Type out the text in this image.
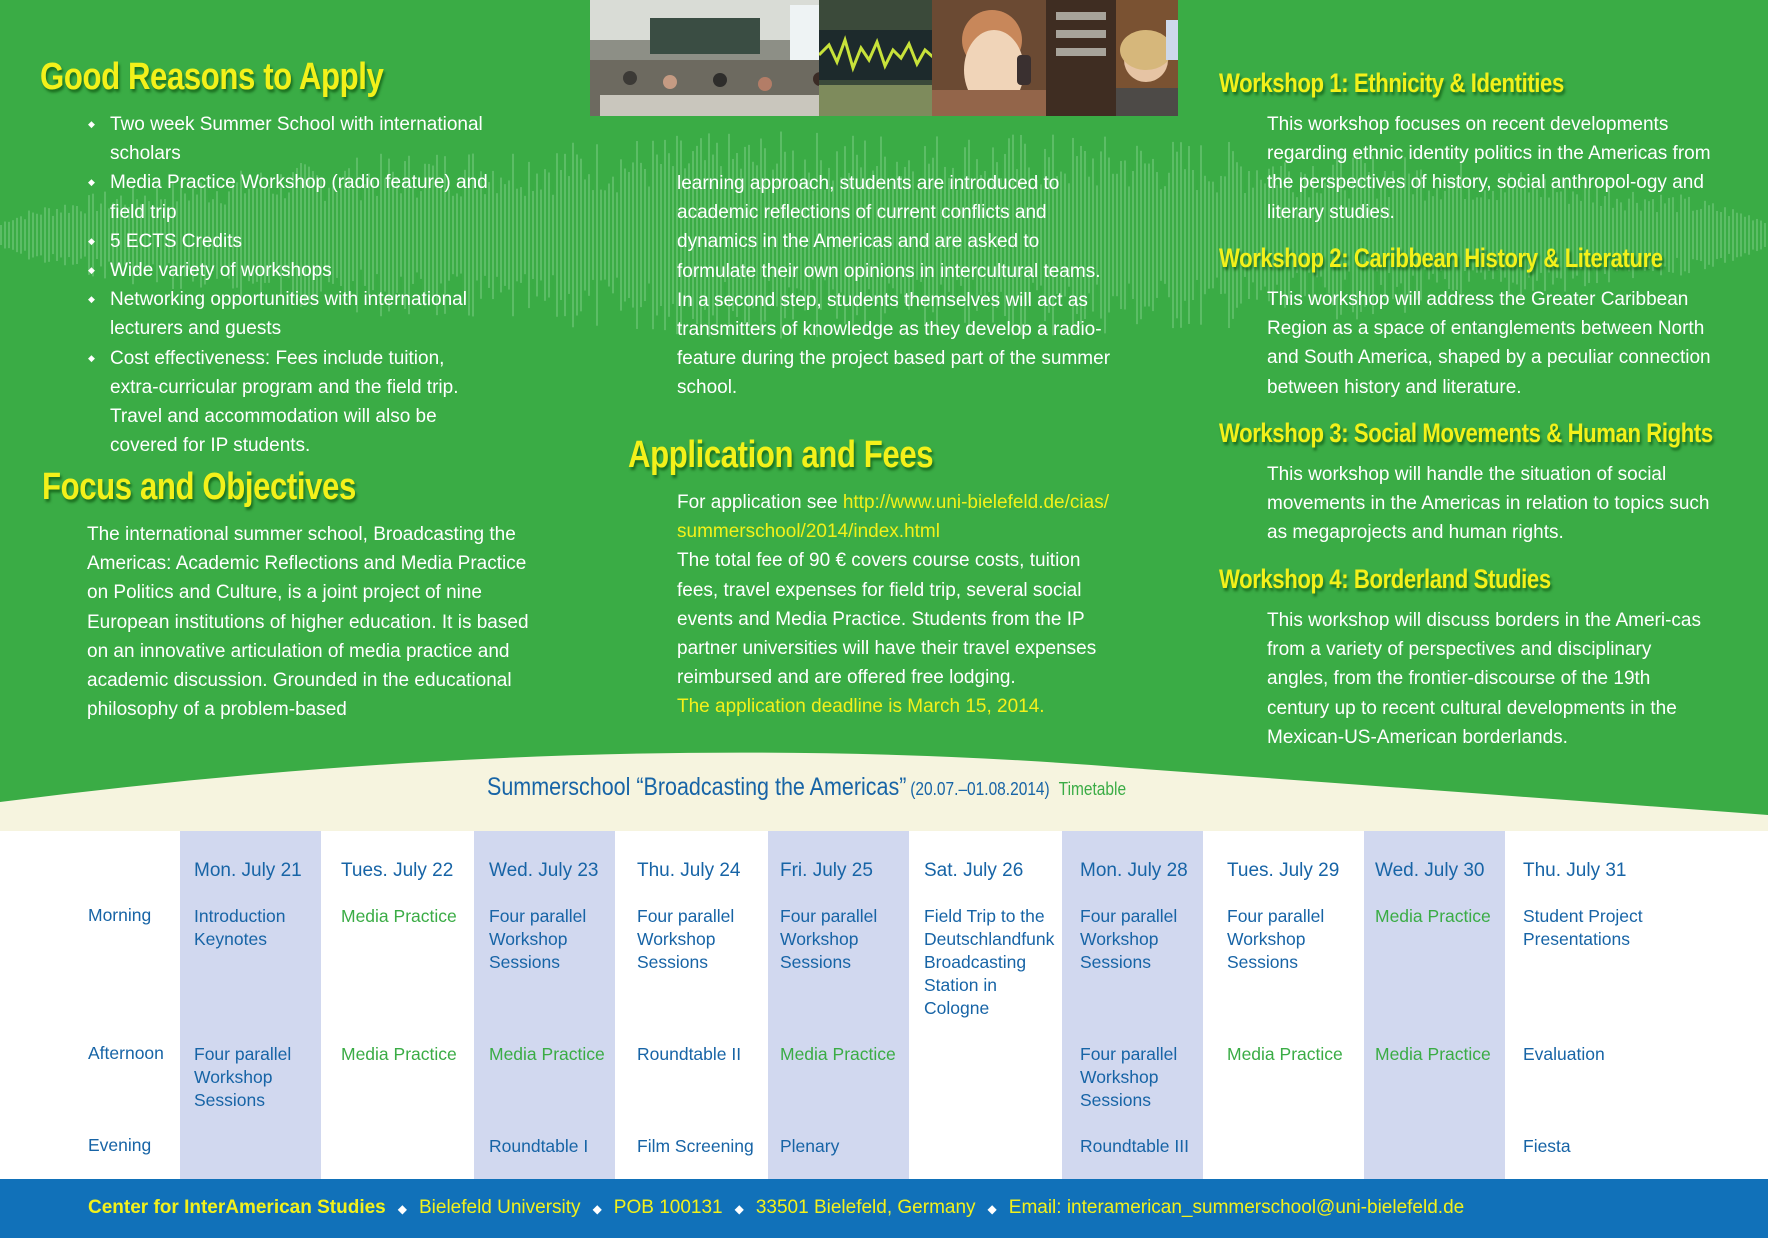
Good Reasons to Apply
◆ Two week Summer School with international scholars
◆ Media Practice Workshop (radio feature) and field trip
◆ 5 ECTS Credits
◆ Wide variety of workshops
◆ Networking opportunities with international lecturers and guests
◆ Cost effectiveness: Fees include tuition, extra-curricular program and the field trip. Travel and accommodation will also be covered for IP students.
Focus and Objectives
The international summer school, Broadcasting the Americas: Academic Reflections and Media Practice on Politics and Culture, is a joint project of nine European institutions of higher education. It is based on an innovative articulation of media practice and academic discussion. Grounded in the educational philosophy of a problem-based
learning approach, students are introduced to academic reflections of current conflicts and dynamics in the Americas and are asked to formulate their own opinions in intercultural teams. In a second step, students themselves will act as transmitters of knowledge as they develop a radio-feature during the project based part of the summer school.
Application and Fees
For application see http://www.uni-bielefeld.de/cias/summerschool/2014/index.html
The total fee of 90 € covers course costs, tuition fees, travel expenses for field trip, several social events and Media Practice. Students from the IP partner universities will have their travel expenses reimbursed and are offered free lodging.
The application deadline is March 15, 2014.
Workshop 1: Ethnicity & Identities
This workshop focuses on recent developments regarding ethnic identity politics in the Americas from the perspectives of history, social anthropol-ogy and literary studies.
Workshop 2: Caribbean History & Literature
This workshop will address the Greater Caribbean Region as a space of entanglements between North and South America, shaped by a peculiar connection between history and literature.
Workshop 3: Social Movements & Human Rights
This workshop will handle the situation of social movements in the Americas in relation to topics such as megaprojects and human rights.
Workshop 4: Borderland Studies
This workshop will discuss borders in the Ameri-cas from a variety of perspectives and disciplinary angles, from the frontier-discourse of the 19th century up to recent cultural developments in the Mexican-US-American borderlands.
Summerschool “Broadcasting the Americas” (20.07.–01.08.2014) Timetable
Morning
Afternoon
Evening
Mon. July 21
Introduction Keynotes
Four parallel Workshop Sessions
Tues. July 22
Media Practice
Media Practice
Wed. July 23
Four parallel Workshop Sessions
Media Practice
Roundtable I
Thu. July 24
Four parallel Workshop Sessions
Roundtable II
Film Screening
Fri. July 25
Four parallel Workshop Sessions
Media Practice
Plenary
Sat. July 26
Field Trip to the Deutschlandfunk Broadcasting Station in Cologne
Mon. July 28
Four parallel Workshop Sessions
Four parallel Workshop Sessions
Roundtable III
Tues. July 29
Four parallel Workshop Sessions
Media Practice
Wed. July 30
Media Practice
Media Practice
Thu. July 31
Student Project Presentations
Evaluation
Fiesta
Center for InterAmerican Studies ◆ Bielefeld University ◆ POB 100131 ◆ 33501 Bielefeld, Germany ◆ Email: interamerican_summerschool@uni-bielefeld.de
